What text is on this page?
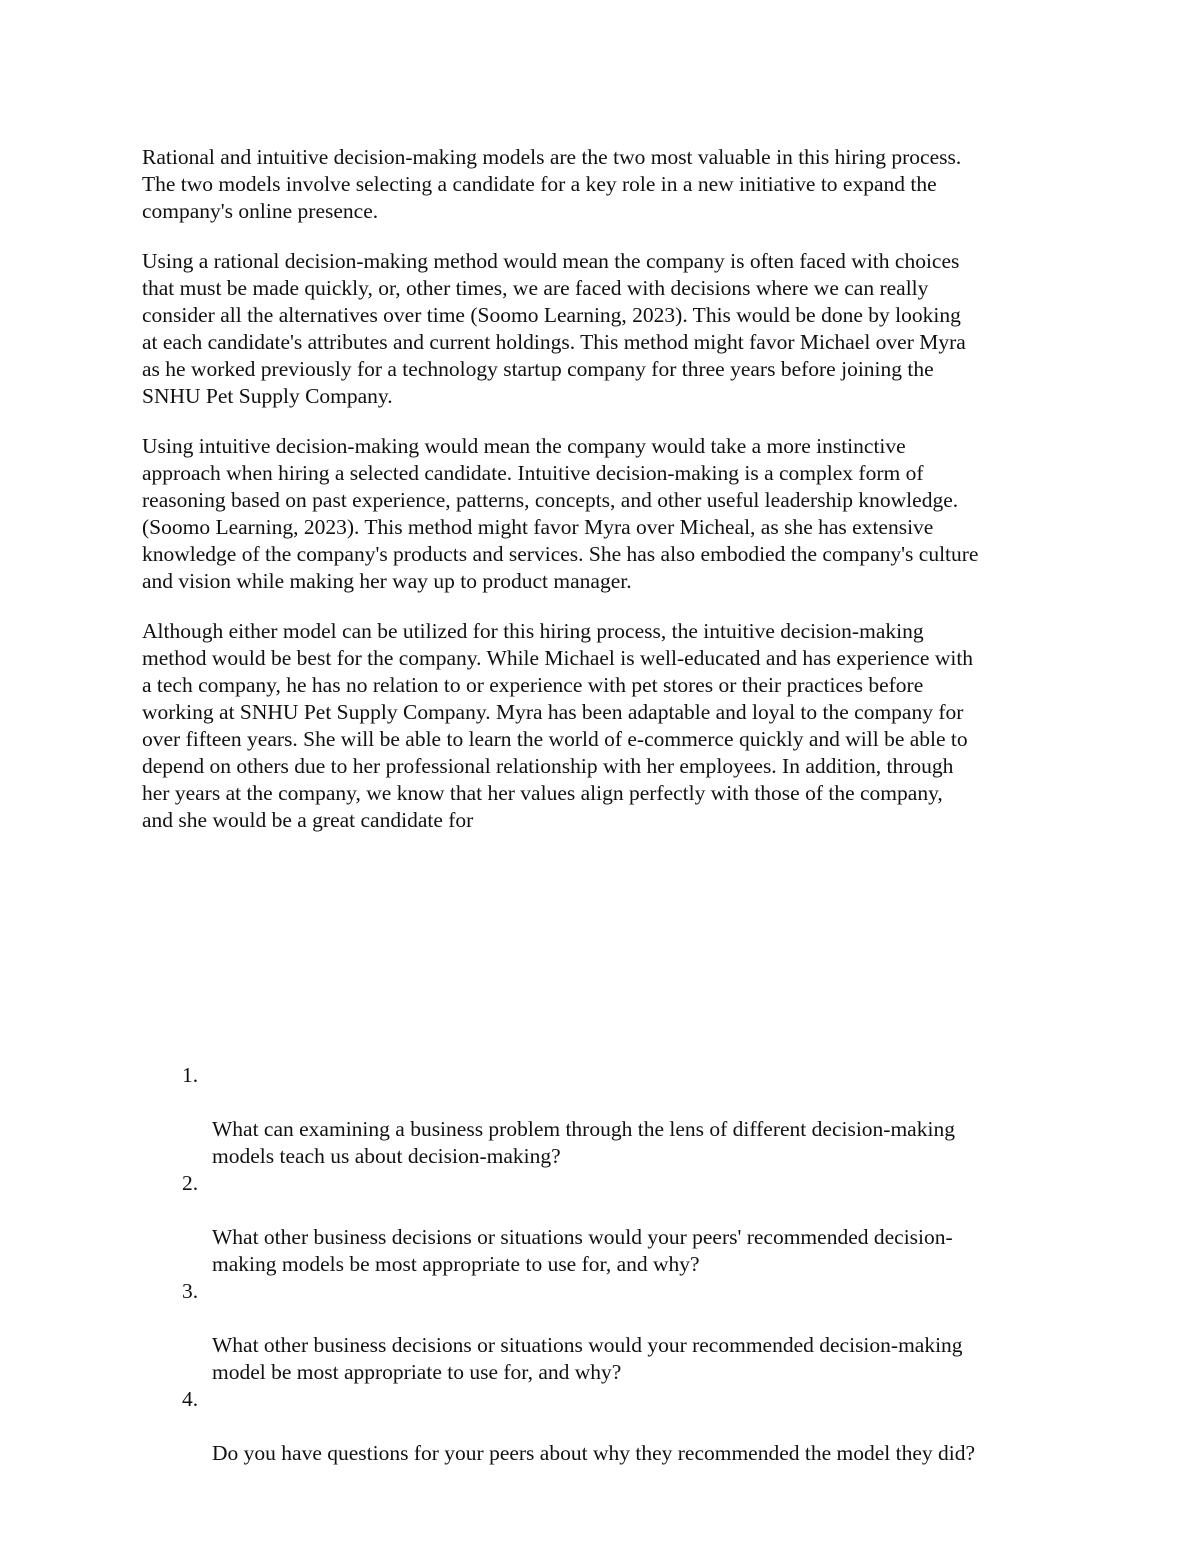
Rational and intuitive decision-making models are the two most valuable in this hiring process.
The two models involve selecting a candidate for a key role in a new initiative to expand the
company's online presence.

Using a rational decision-making method would mean the company is often faced with choices
that must be made quickly, or, other times, we are faced with decisions where we can really
consider all the alternatives over time (Soomo Learning, 2023). This would be done by looking
at each candidate's attributes and current holdings. This method might favor Michael over Myra
as he worked previously for a technology startup company for three years before joining the
SNHU Pet Supply Company.

Using intuitive decision-making would mean the company would take a more instinctive
approach when hiring a selected candidate. Intuitive decision-making is a complex form of
reasoning based on past experience, patterns, concepts, and other useful leadership knowledge.
(Soomo Learning, 2023). This method might favor Myra over Micheal, as she has extensive
knowledge of the company's products and services. She has also embodied the company's culture
and vision while making her way up to product manager.

Although either model can be utilized for this hiring process, the intuitive decision-making
method would be best for the company. While Michael is well-educated and has experience with
a tech company, he has no relation to or experience with pet stores or their practices before
working at SNHU Pet Supply Company. Myra has been adaptable and loyal to the company for
over fifteen years. She will be able to learn the world of e-commerce quickly and will be able to
depend on others due to her professional relationship with her employees. In addition, through
her years at the company, we know that her values align perfectly with those of the company,
and she would be a great candidate for

1.

What can examining a business problem through the lens of different decision-making
models teach us about decision-making?

2.

What other business decisions or situations would your peers' recommended decision-
making models be most appropriate to use for, and why?

3.

What other business decisions or situations would your recommended decision-making
model be most appropriate to use for, and why?

4.

Do you have questions for your peers about why they recommended the model they did?
